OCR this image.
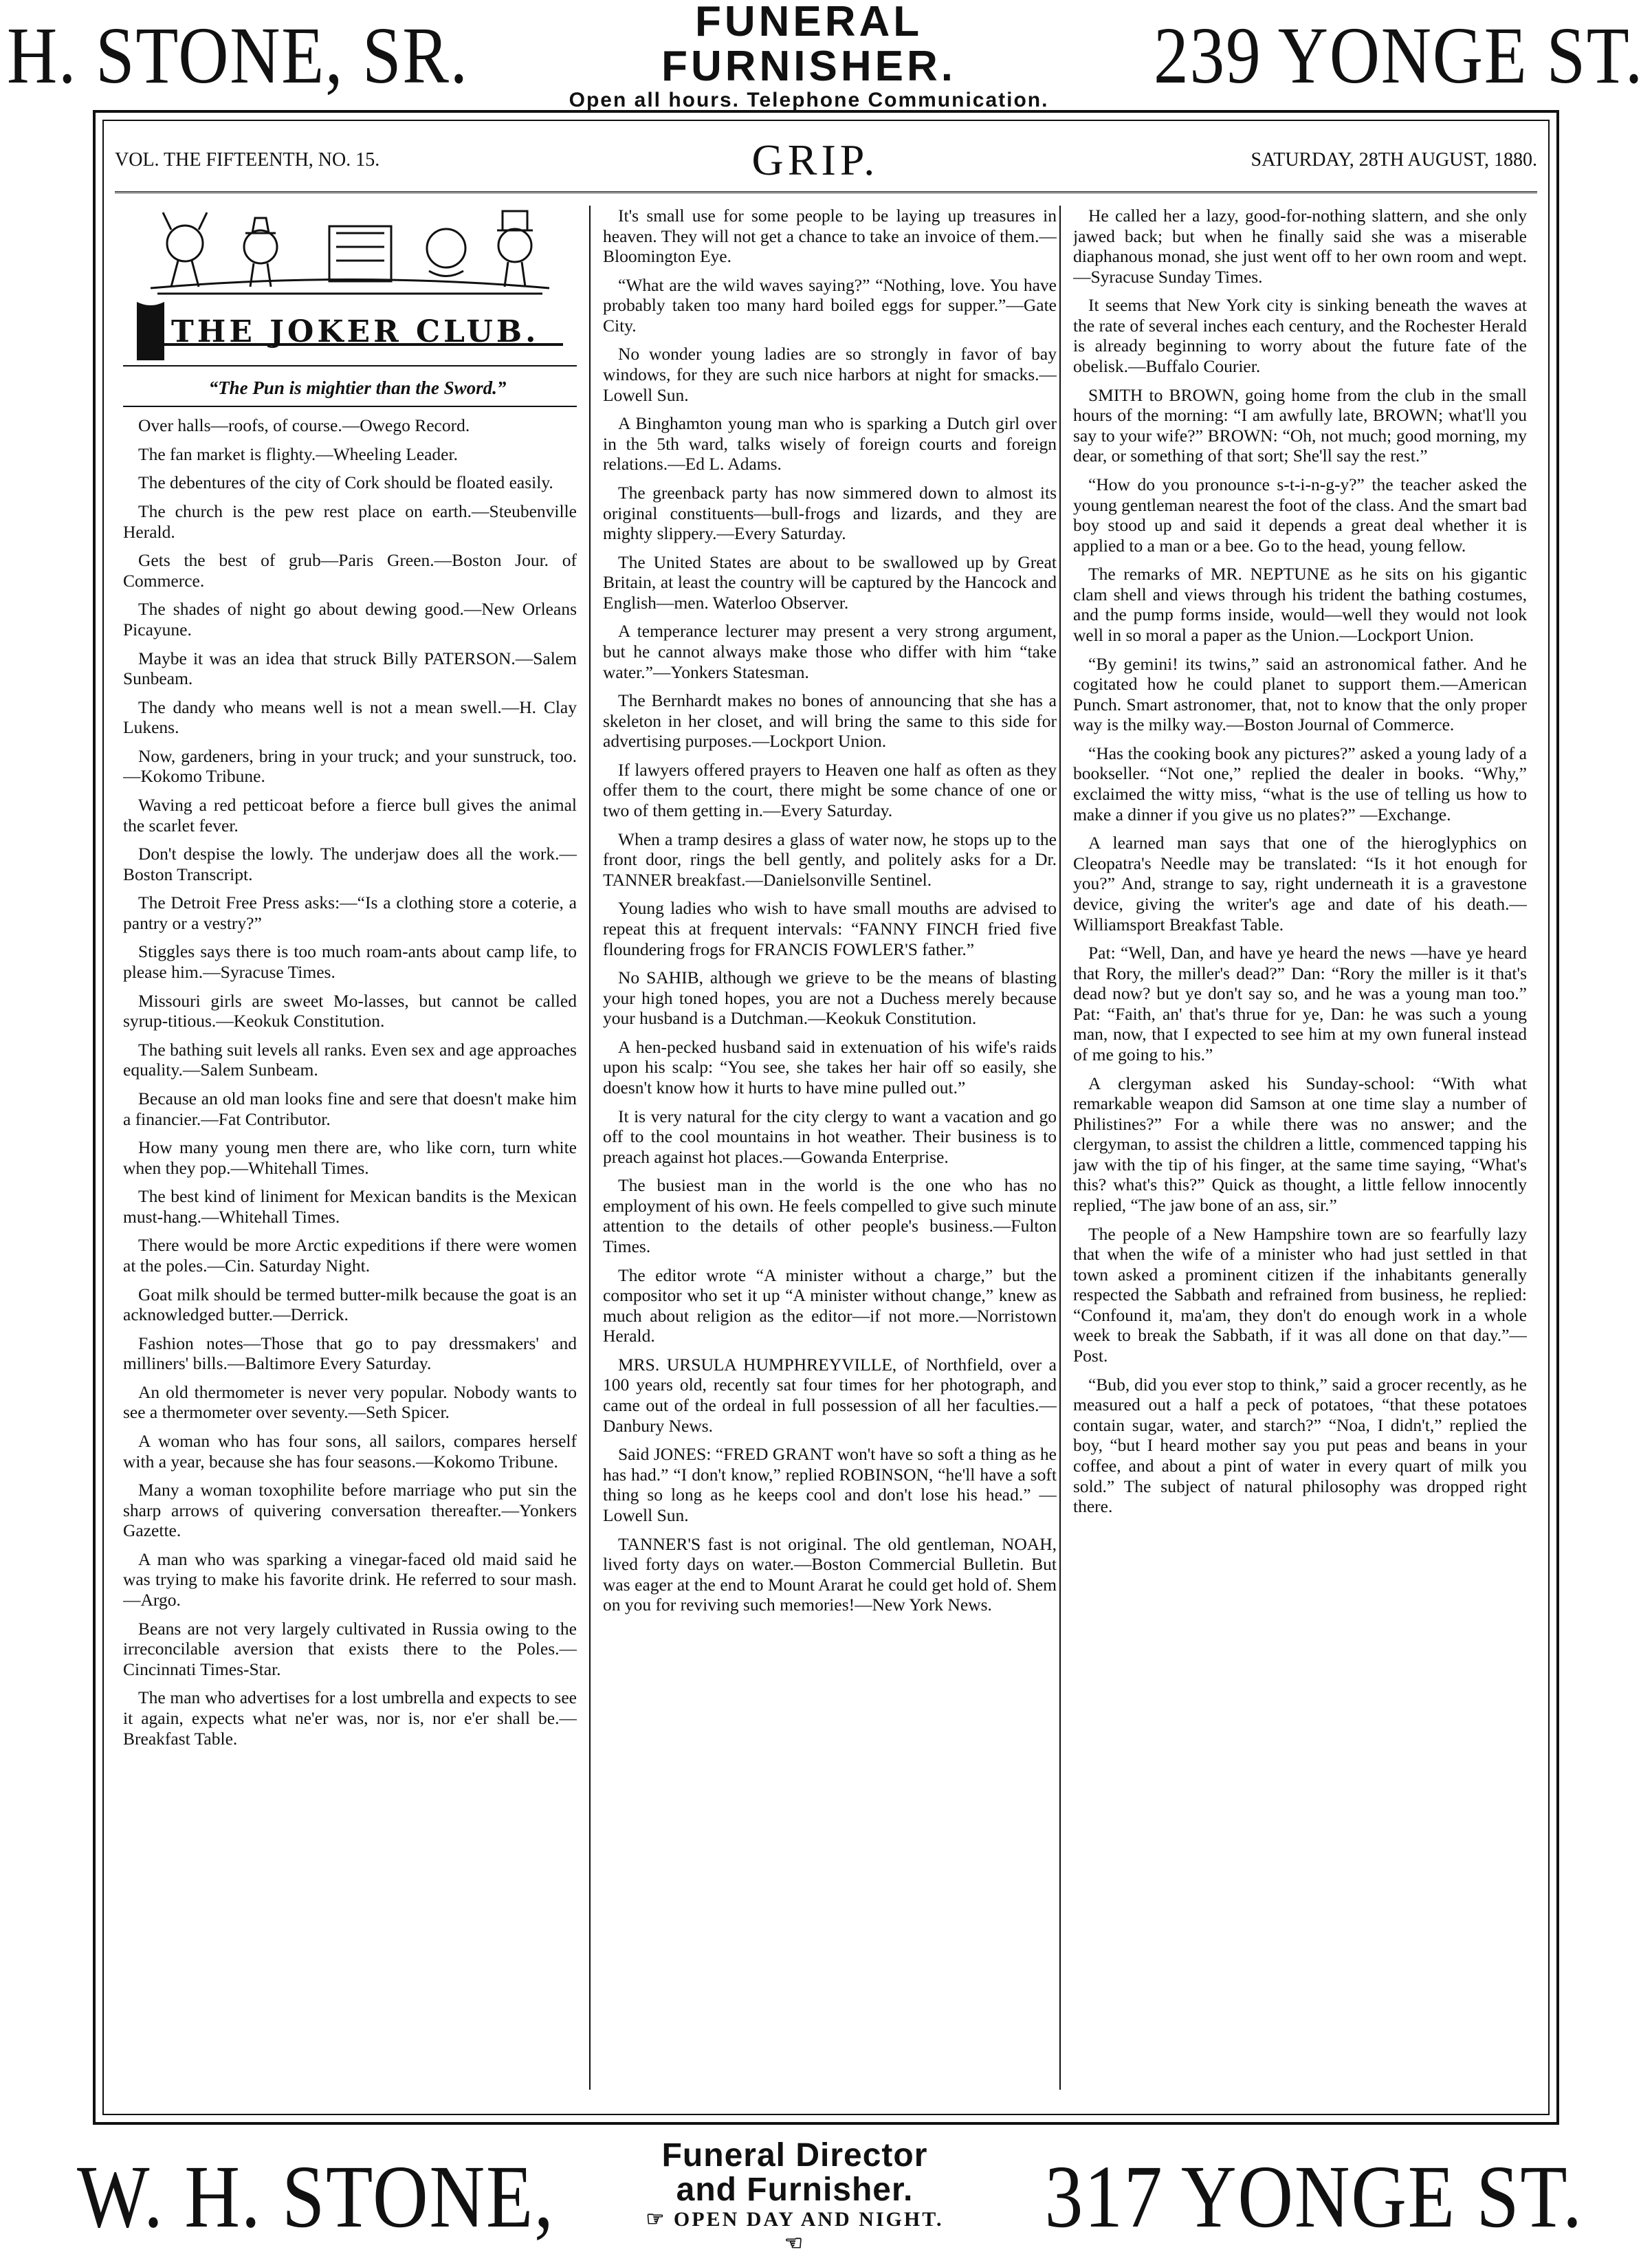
H. STONE, SR.	FUNERAL FURNISHER.
Open all hours. Telephone Communication.	239 YONGE ST.
VOL. THE FIFTEENTH, NO. 15.	GRIP.	SATURDAY, 28TH AUGUST, 1880.
THE JOKER CLUB.

“The Pun is mightier than the Sword.”

Over halls—roofs, of course.—Owego Record.

The fan market is flighty.—Wheeling Leader.

The debentures of the city of Cork should be floated easily.

The church is the pew rest place on earth.—Steubenville Herald.

Gets the best of grub—Paris Green.—Boston Jour. of Commerce.

The shades of night go about dewing good.—New Orleans Picayune.

Maybe it was an idea that struck Billy PATERSON.—Salem Sunbeam.

The dandy who means well is not a mean swell.—H. Clay Lukens.

Now, gardeners, bring in your truck; and your sunstruck, too.—Kokomo Tribune.

Waving a red petticoat before a fierce bull gives the animal the scarlet fever.

Don't despise the lowly. The underjaw does all the work.—Boston Transcript.

The Detroit Free Press asks:—“Is a clothing store a coterie, a pantry or a vestry?”

Stiggles says there is too much roam-ants about camp life, to please him.—Syracuse Times.

Missouri girls are sweet Mo-lasses, but cannot be called syrup-titious.—Keokuk Constitution.

The bathing suit levels all ranks. Even sex and age approaches equality.—Salem Sunbeam.

Because an old man looks fine and sere that doesn't make him a financier.—Fat Contributor.

How many young men there are, who like corn, turn white when they pop.—Whitehall Times.

The best kind of liniment for Mexican bandits is the Mexican must-hang.—Whitehall Times.

There would be more Arctic expeditions if there were women at the poles.—Cin. Saturday Night.

Goat milk should be termed butter-milk because the goat is an acknowledged butter.—Derrick.

Fashion notes—Those that go to pay dressmakers' and milliners' bills.—Baltimore Every Saturday.

An old thermometer is never very popular. Nobody wants to see a thermometer over seventy.—Seth Spicer.

A woman who has four sons, all sailors, compares herself with a year, because she has four seasons.—Kokomo Tribune.

Many a woman toxophilite before marriage who put sin the sharp arrows of quivering conversation thereafter.—Yonkers Gazette.

A man who was sparking a vinegar-faced old maid said he was trying to make his favorite drink. He referred to sour mash.—Argo.

Beans are not very largely cultivated in Russia owing to the irreconcilable aversion that exists there to the Poles.—Cincinnati Times-Star.

The man who advertises for a lost umbrella and expects to see it again, expects what ne'er was, nor is, nor e'er shall be.—Breakfast Table.

It's small use for some people to be laying up treasures in heaven. They will not get a chance to take an invoice of them.—Bloomington Eye.

“What are the wild waves saying?” “Nothing, love. You have probably taken too many hard boiled eggs for supper.”—Gate City.

No wonder young ladies are so strongly in favor of bay windows, for they are such nice harbors at night for smacks.—Lowell Sun.

A Binghamton young man who is sparking a Dutch girl over in the 5th ward, talks wisely of foreign courts and foreign relations.—Ed L. Adams.

The greenback party has now simmered down to almost its original constituents—bull-frogs and lizards, and they are mighty slippery.—Every Saturday.

The United States are about to be swallowed up by Great Britain, at least the country will be captured by the Hancock and English—men. Waterloo Observer.

A temperance lecturer may present a very strong argument, but he cannot always make those who differ with him “take water.”—Yonkers Statesman.

The Bernhardt makes no bones of announcing that she has a skeleton in her closet, and will bring the same to this side for advertising purposes.—Lockport Union.

If lawyers offered prayers to Heaven one half as often as they offer them to the court, there might be some chance of one or two of them getting in.—Every Saturday.

When a tramp desires a glass of water now, he stops up to the front door, rings the bell gently, and politely asks for a Dr. TANNER breakfast.—Danielsonville Sentinel.

Young ladies who wish to have small mouths are advised to repeat this at frequent intervals: “FANNY FINCH fried five floundering frogs for FRANCIS FOWLER'S father.”

No SAHIB, although we grieve to be the means of blasting your high toned hopes, you are not a Duchess merely because your husband is a Dutchman.—Keokuk Constitution.

A hen-pecked husband said in extenuation of his wife's raids upon his scalp: “You see, she takes her hair off so easily, she doesn't know how it hurts to have mine pulled out.”

It is very natural for the city clergy to want a vacation and go off to the cool mountains in hot weather. Their business is to preach against hot places.—Gowanda Enterprise.

The busiest man in the world is the one who has no employment of his own. He feels compelled to give such minute attention to the details of other people's business.—Fulton Times.

The editor wrote “A minister without a charge,” but the compositor who set it up “A minister without change,” knew as much about religion as the editor—if not more.—Norristown Herald.

MRS. URSULA HUMPHREYVILLE, of Northfield, over a 100 years old, recently sat four times for her photograph, and came out of the ordeal in full possession of all her faculties.—Danbury News.

Said JONES: “FRED GRANT won't have so soft a thing as he has had.” “I don't know,” replied ROBINSON, “he'll have a soft thing so long as he keeps cool and don't lose his head.” —Lowell Sun.

TANNER'S fast is not original. The old gentleman, NOAH, lived forty days on water.—Boston Commercial Bulletin. But was eager at the end to Mount Ararat he could get hold of. Shem on you for reviving such memories!—New York News.

He called her a lazy, good-for-nothing slattern, and she only jawed back; but when he finally said she was a miserable diaphanous monad, she just went off to her own room and wept.—Syracuse Sunday Times.

It seems that New York city is sinking beneath the waves at the rate of several inches each century, and the Rochester Herald is already beginning to worry about the future fate of the obelisk.—Buffalo Courier.

SMITH to BROWN, going home from the club in the small hours of the morning: “I am awfully late, BROWN; what'll you say to your wife?” BROWN: “Oh, not much; good morning, my dear, or something of that sort; She'll say the rest.”

“How do you pronounce s-t-i-n-g-y?” the teacher asked the young gentleman nearest the foot of the class. And the smart bad boy stood up and said it depends a great deal whether it is applied to a man or a bee. Go to the head, young fellow.

The remarks of MR. NEPTUNE as he sits on his gigantic clam shell and views through his trident the bathing costumes, and the pump forms inside, would—well they would not look well in so moral a paper as the Union.—Lockport Union.

“By gemini! its twins,” said an astronomical father. And he cogitated how he could planet to support them.—American Punch. Smart astronomer, that, not to know that the only proper way is the milky way.—Boston Journal of Commerce.

“Has the cooking book any pictures?” asked a young lady of a bookseller. “Not one,” replied the dealer in books. “Why,” exclaimed the witty miss, “what is the use of telling us how to make a dinner if you give us no plates?” —Exchange.

A learned man says that one of the hieroglyphics on Cleopatra's Needle may be translated: “Is it hot enough for you?” And, strange to say, right underneath it is a gravestone device, giving the writer's age and date of his death.—Williamsport Breakfast Table.

Pat: “Well, Dan, and have ye heard the news —have ye heard that Rory, the miller's dead?” Dan: “Rory the miller is it that's dead now? but ye don't say so, and he was a young man too.” Pat: “Faith, an' that's thrue for ye, Dan: he was such a young man, now, that I expected to see him at my own funeral instead of me going to his.”

A clergyman asked his Sunday-school: “With what remarkable weapon did Samson at one time slay a number of Philistines?” For a while there was no answer; and the clergyman, to assist the children a little, commenced tapping his jaw with the tip of his finger, at the same time saying, “What's this? what's this?” Quick as thought, a little fellow innocently replied, “The jaw bone of an ass, sir.”

The people of a New Hampshire town are so fearfully lazy that when the wife of a minister who had just settled in that town asked a prominent citizen if the inhabitants generally respected the Sabbath and refrained from business, he replied: “Confound it, ma'am, they don't do enough work in a whole week to break the Sabbath, if it was all done on that day.”—Post.

“Bub, did you ever stop to think,” said a grocer recently, as he measured out a half a peck of potatoes, “that these potatoes contain sugar, water, and starch?” “Noa, I didn't,” replied the boy, “but I heard mother say you put peas and beans in your coffee, and about a pint of water in every quart of milk you sold.” The subject of natural philosophy was dropped right there.

W. H. STONE,	Funeral Director and Furnisher.
☞ OPEN DAY AND NIGHT. ☜	317 YONGE ST.
